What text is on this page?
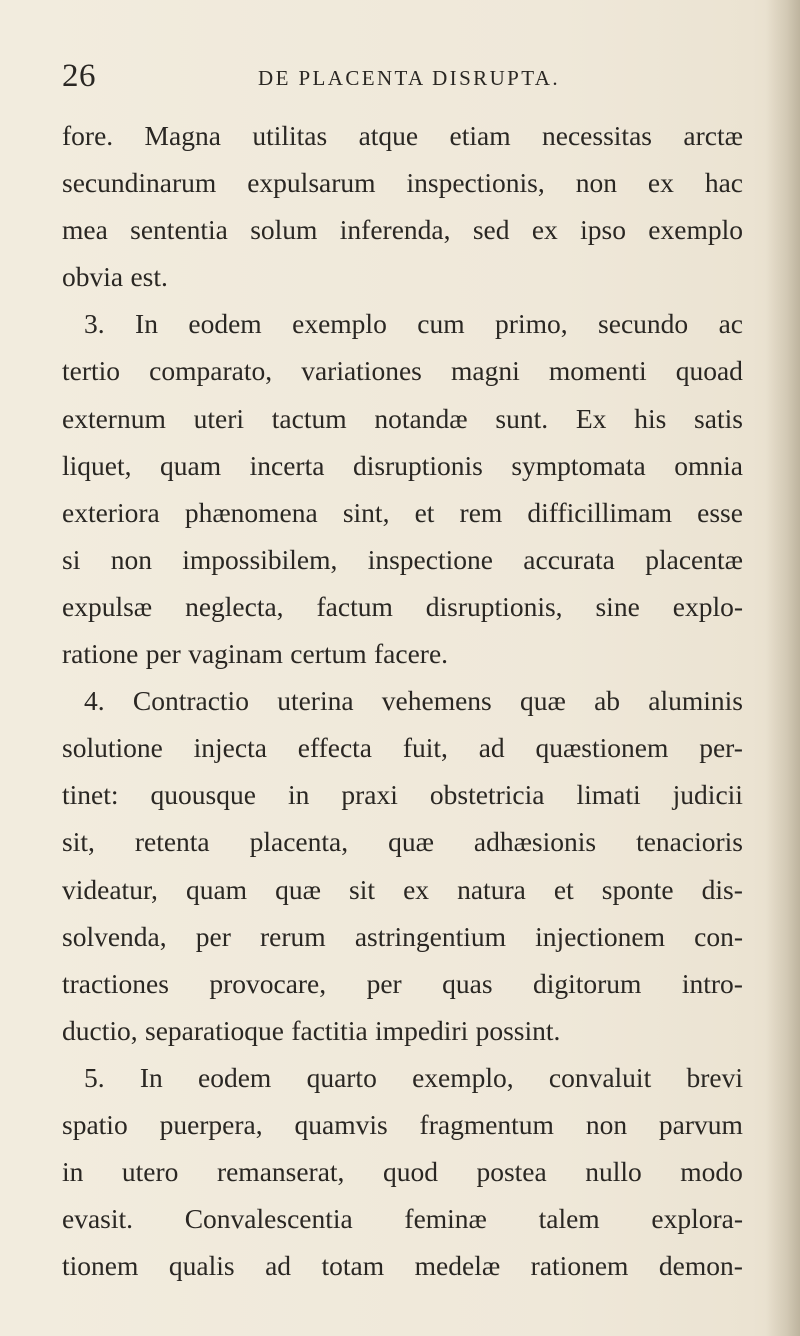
26	DE PLACENTA DISRUPTA.
fore. Magna utilitas atque etiam necessitas arctæ
secundinarum expulsarum inspectionis, non ex hac
mea sententia solum inferenda, sed ex ipso exemplo
obvia est.
3. In eodem exemplo cum primo, secundo ac
tertio comparato, variationes magni momenti quoad
externum uteri tactum notandæ sunt. Ex his satis
liquet, quam incerta disruptionis symptomata omnia
exteriora phænomena sint, et rem difficillimam esse
si non impossibilem, inspectione accurata placentæ
expulsæ neglecta, factum disruptionis, sine explo-
ratione per vaginam certum facere.
4. Contractio uterina vehemens quæ ab aluminis
solutione injecta effecta fuit, ad quæstionem per-
tinet: quousque in praxi obstetricia limati judicii
sit, retenta placenta, quæ adhæsionis tenacioris
videatur, quam quæ sit ex natura et sponte dis-
solvenda, per rerum astringentium injectionem con-
tractiones provocare, per quas digitorum intro-
ductio, separatioque factitia impediri possint.
5. In eodem quarto exemplo, convaluit brevi
spatio puerpera, quamvis fragmentum non parvum
in utero remanserat, quod postea nullo modo
evasit. Convalescentia feminæ talem explora-
tionem qualis ad totam medelæ rationem demon-
